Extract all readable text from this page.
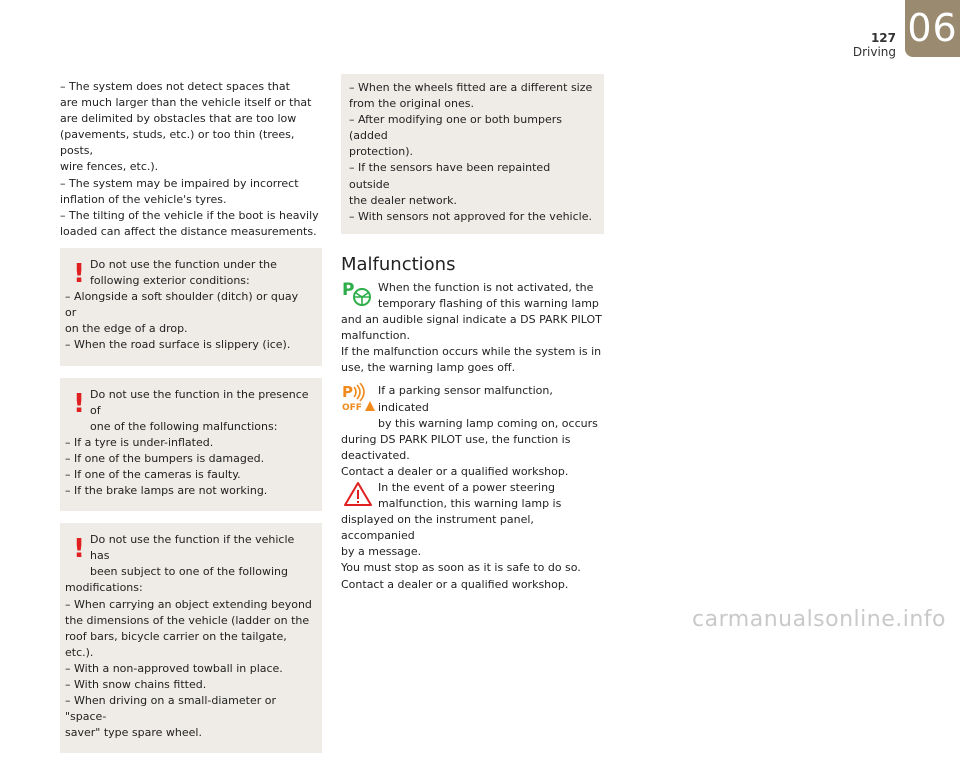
127
Driving
06
– The system does not detect spaces that
are much larger than the vehicle itself or that
are delimited by obstacles that are too low
(pavements, studs, etc.) or too thin (trees, posts,
wire fences, etc.).
– The system may be impaired by incorrect
inflation of the vehicle's tyres.
– The tilting of the vehicle if the boot is heavily
loaded can affect the distance measurements.
! Do not use the function under the
following exterior conditions:
– Alongside a soft shoulder (ditch) or quay or
on the edge of a drop.
– When the road surface is slippery (ice).
! Do not use the function in the presence of
one of the following malfunctions:
– If a tyre is under-inflated.
– If one of the bumpers is damaged.
– If one of the cameras is faulty.
– If the brake lamps are not working.
! Do not use the function if the vehicle has
been subject to one of the following
modifications:
– When carrying an object extending beyond
the dimensions of the vehicle (ladder on the
roof bars, bicycle carrier on the tailgate, etc.).
– With a non-approved towball in place.
– With snow chains fitted.
– When driving on a small-diameter or "space-
saver" type spare wheel.
– When the wheels fitted are a different size
from the original ones.
– After modifying one or both bumpers (added
protection).
– If the sensors have been repainted outside
the dealer network.
– With sensors not approved for the vehicle.
Malfunctions
P When the function is not activated, the
temporary flashing of this warning lamp
and an audible signal indicate a DS PARK PILOT
malfunction.
If the malfunction occurs while the system is in
use, the warning lamp goes off.
P
OFF
If a parking sensor malfunction, indicated
by this warning lamp coming on, occurs
during DS PARK PILOT use, the function is
deactivated.
Contact a dealer or a qualified workshop.
In the event of a power steering
malfunction, this warning lamp is
displayed on the instrument panel, accompanied
by a message.
You must stop as soon as it is safe to do so.
Contact a dealer or a qualified workshop.
carmanualsonline.info
